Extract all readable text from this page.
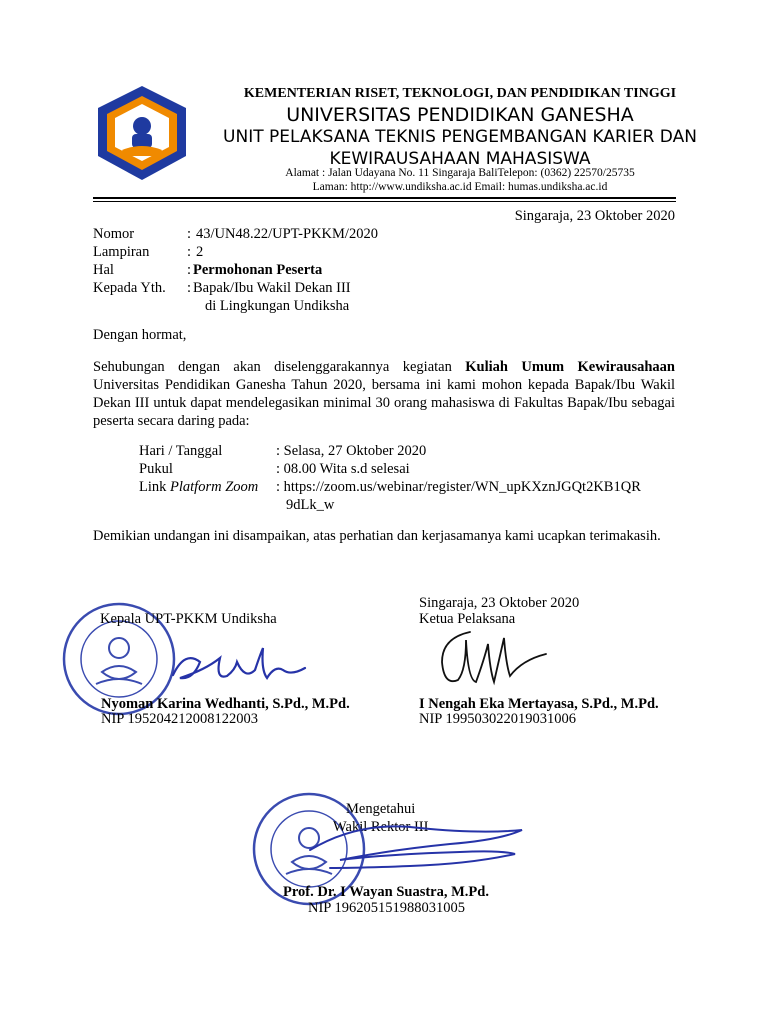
KEMENTERIAN RISET, TEKNOLOGI, DAN PENDIDIKAN TINGGI
UNIVERSITAS PENDIDIKAN GANESHA
UNIT PELAKSANA TEKNIS PENGEMBANGAN KARIER DAN
KEWIRAUSAHAAN MAHASISWA
Alamat : Jalan Udayana No. 11 Singaraja BaliTelepon: (0362) 22570/25735
Laman: http://www.undiksha.ac.id Email: humas.undiksha.ac.id
Singaraja, 23 Oktober 2020
Nomor	: 43/UN48.22/UPT-PKKM/2020
Lampiran	: 2
Hal	: Permohonan Peserta
Kepada Yth. : Bapak/Ibu Wakil Dekan III
di Lingkungan Undiksha
Dengan hormat,
Sehubungan dengan akan diselenggarakannya kegiatan Kuliah Umum Kewirausahaan Universitas Pendidikan Ganesha Tahun 2020, bersama ini kami mohon kepada Bapak/Ibu Wakil Dekan III untuk dapat mendelegasikan minimal 30 orang mahasiswa di Fakultas Bapak/Ibu sebagai peserta secara daring pada:
Hari / Tanggal	: Selasa, 27 Oktober 2020
Pukul	: 08.00 Wita s.d selesai
Link Platform Zoom : https://zoom.us/webinar/register/WN_upKXznJGQt2KB1QR
9dLk_w
Demikian undangan ini disampaikan, atas perhatian dan kerjasamanya kami ucapkan terimakasih.
Kepala UPT-PKKM Undiksha
Nyoman Karina Wedhanti, S.Pd., M.Pd.
NIP 195204212008122003
Singaraja, 23 Oktober 2020
Ketua Pelaksana
I Nengah Eka Mertayasa, S.Pd., M.Pd.
NIP 199503022019031006
Mengetahui
Wakil Rektor III
Prof. Dr. I Wayan Suastra, M.Pd.
NIP 196205151988031005
